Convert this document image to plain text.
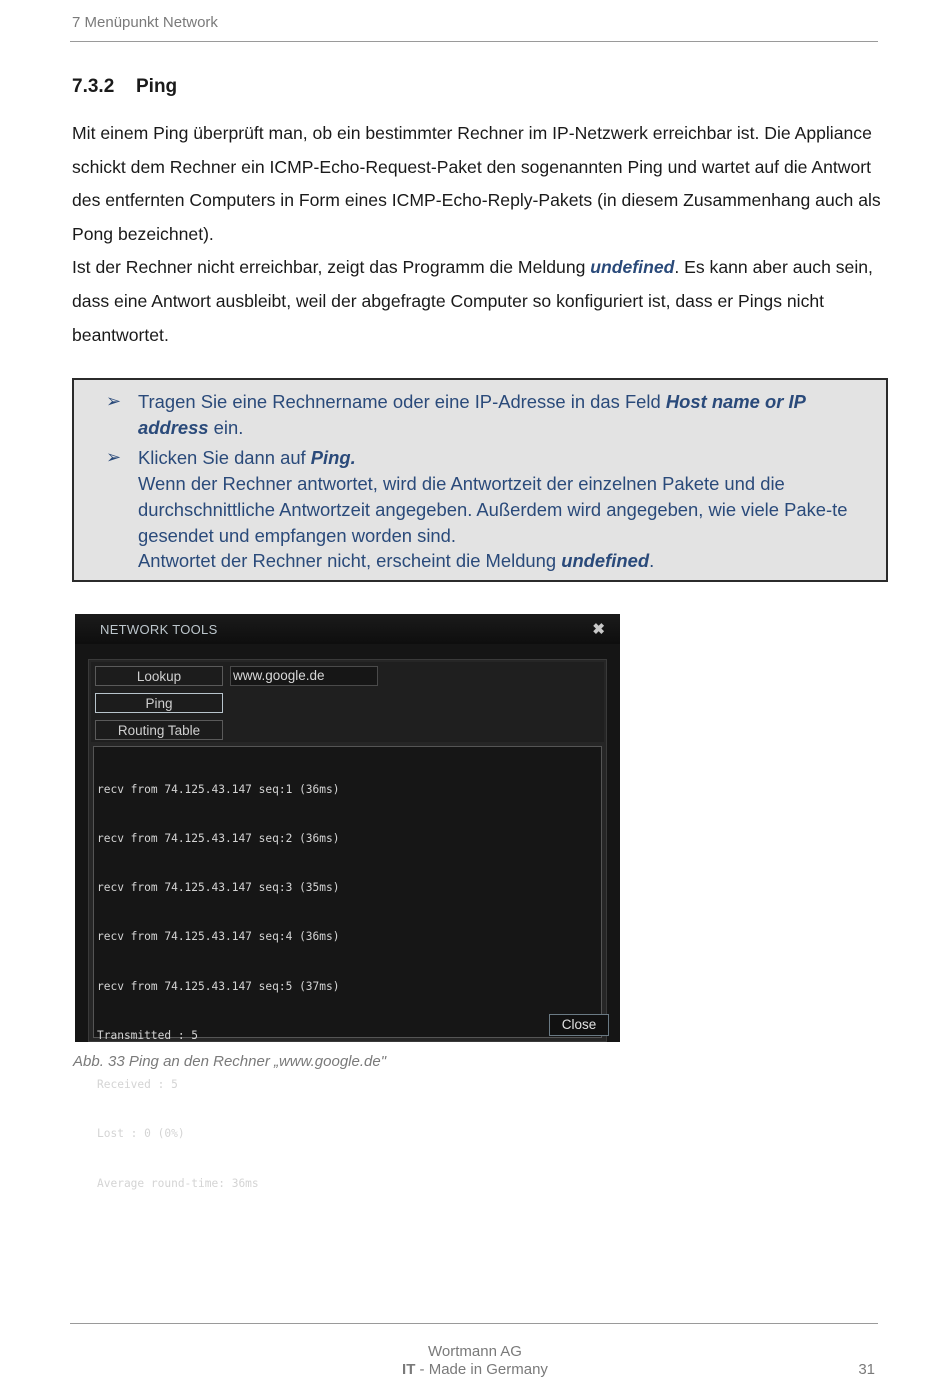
7 Menüpunkt Network
7.3.2 Ping

Mit einem Ping überprüft man, ob ein bestimmter Rechner im IP-Netzwerk erreichbar ist. Die Appliance schickt dem Rechner ein ICMP-Echo-Request-Paket den sogenannten Ping und wartet auf die Antwort des entfernten Computers in Form eines ICMP-Echo-Reply-Pakets (in diesem Zusammenhang auch als Pong bezeichnet).

Ist der Rechner nicht erreichbar, zeigt das Programm die Meldung undefined. Es kann aber auch sein, dass eine Antwort ausbleibt, weil der abgefragte Computer so konfiguriert ist, dass er Pings nicht beantwortet.

➢ Tragen Sie eine Rechnername oder eine IP-Adresse in das Feld Host name or IP address ein.
➢ Klicken Sie dann auf Ping.
Wenn der Rechner antwortet, wird die Antwortzeit der einzelnen Pakete und die durchschnittliche Antwortzeit angegeben. Außerdem wird angegeben, wie viele Pake-te gesendet und empfangen worden sind.
Antwortet der Rechner nicht, erscheint die Meldung undefined.
NETWORK TOOLS	✖
Lookup	www.google.de
Ping
Routing Table

recv from 74.125.43.147 seq:1 (36ms)

recv from 74.125.43.147 seq:2 (36ms)

recv from 74.125.43.147 seq:3 (35ms)

recv from 74.125.43.147 seq:4 (36ms)

recv from 74.125.43.147 seq:5 (37ms)

Transmitted : 5

Received : 5

Lost : 0 (0%)

Average round-time: 36ms

Close
Abb. 33 Ping an den Rechner „www.google.de"
Wortmann AG
IT - Made in Germany	31
